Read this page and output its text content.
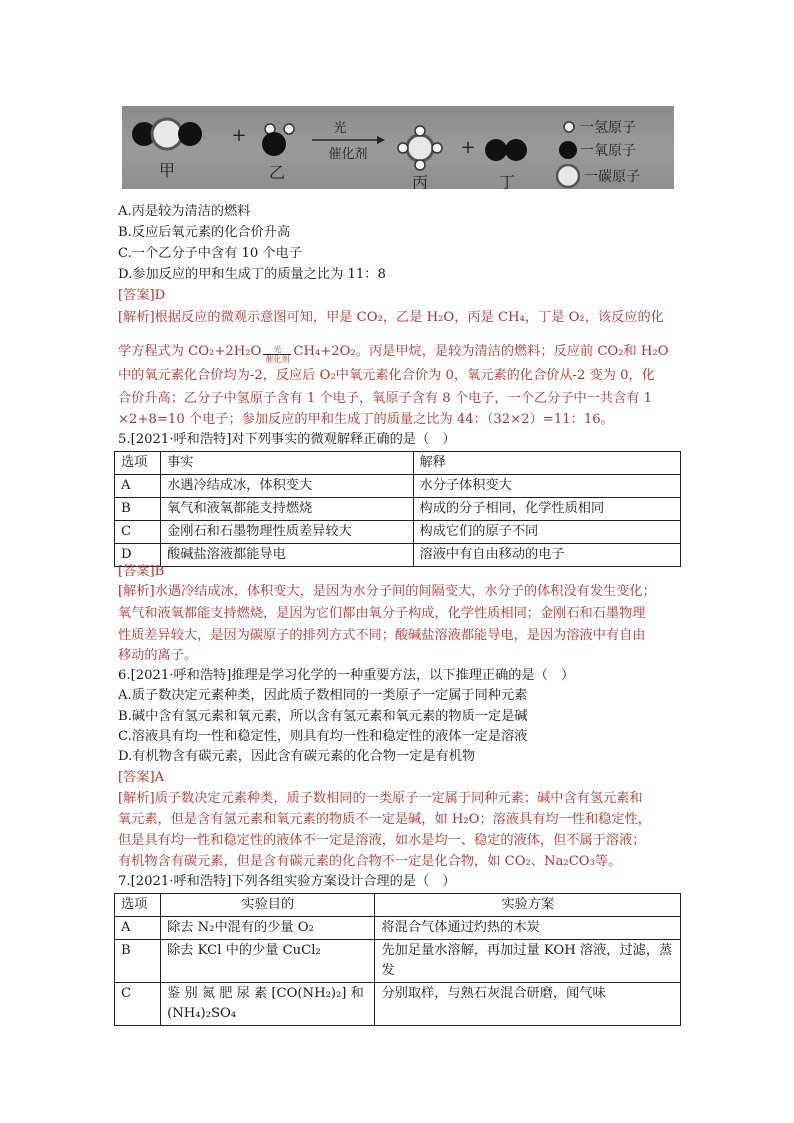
甲
+
乙
光
催化剂
丙
+
丁
一氢原子
一氧原子
一碳原子
A.丙是较为清洁的燃料
B.反应后氧元素的化合价升高
C.一个乙分子中含有 10 个电子
D.参加反应的甲和生成丁的质量之比为 11：8
[答案]D
[解析]根据反应的微观示意图可知，甲是 CO₂，乙是 H₂O，丙是 CH₄，丁是 O₂，该反应的化
学方程式为 $CO_2+2H_2O \frac{\text{光}}{\text{催化剂}} CH_4+2O_2$。丙是甲烷，是较为清洁的燃料；反应前 CO₂和 H₂O
中的氧元素化合价均为-2，反应后 O₂中氧元素化合价为 0，氧元素的化合价从-2 变为 0，化
合价升高；乙分子中氢原子含有 1 个电子，氧原子含有 8 个电子，一个乙分子中一共含有 1
×2+8=10 个电子；参加反应的甲和生成丁的质量之比为 44：（32×2）=11：16。
5.[2021·呼和浩特]对下列事实的微观解释正确的是（　）
选项	事实	解释
A	水遇冷结成冰，体积变大	水分子体积变大
B	氧气和液氧都能支持燃烧	构成的分子相同，化学性质相同
C	金刚石和石墨物理性质差异较大	构成它们的原子不同
D	酸碱盐溶液都能导电	溶液中有自由移动的电子
[答案]B
[解析]水遇冷结成冰，体积变大，是因为水分子间的间隔变大，水分子的体积没有发生变化；
氧气和液氧都能支持燃烧，是因为它们都由氧分子构成，化学性质相同；金刚石和石墨物理
性质差异较大，是因为碳原子的排列方式不同；酸碱盐溶液都能导电，是因为溶液中有自由
移动的离子。
6.[2021·呼和浩特]推理是学习化学的一种重要方法，以下推理正确的是（　）
A.质子数决定元素种类，因此质子数相同的一类原子一定属于同种元素
B.碱中含有氢元素和氧元素，所以含有氢元素和氧元素的物质一定是碱
C.溶液具有均一性和稳定性，则具有均一性和稳定性的液体一定是溶液
D.有机物含有碳元素，因此含有碳元素的化合物一定是有机物
[答案]A
[解析]质子数决定元素种类，质子数相同的一类原子一定属于同种元素；碱中含有氢元素和
氧元素，但是含有氢元素和氧元素的物质不一定是碱，如 H₂O；溶液具有均一性和稳定性，
但是具有均一性和稳定性的液体不一定是溶液，如水是均一、稳定的液体，但不属于溶液；
有机物含有碳元素，但是含有碳元素的化合物不一定是化合物，如 CO₂、Na₂CO₃等。
7.[2021·呼和浩特]下列各组实验方案设计合理的是（　）
选项	实验目的	实验方案
A	除去 N₂中混有的少量 O₂	将混合气体通过灼热的木炭
B	除去 KCl 中的少量 CuCl₂	先加足量水溶解，再加过量 KOH 溶液，过滤，蒸发
C	鉴 别 氮 肥 尿 素 [CO(NH₂)₂] 和 (NH₄)₂SO₄	分别取样，与熟石灰混合研磨，闻气味
